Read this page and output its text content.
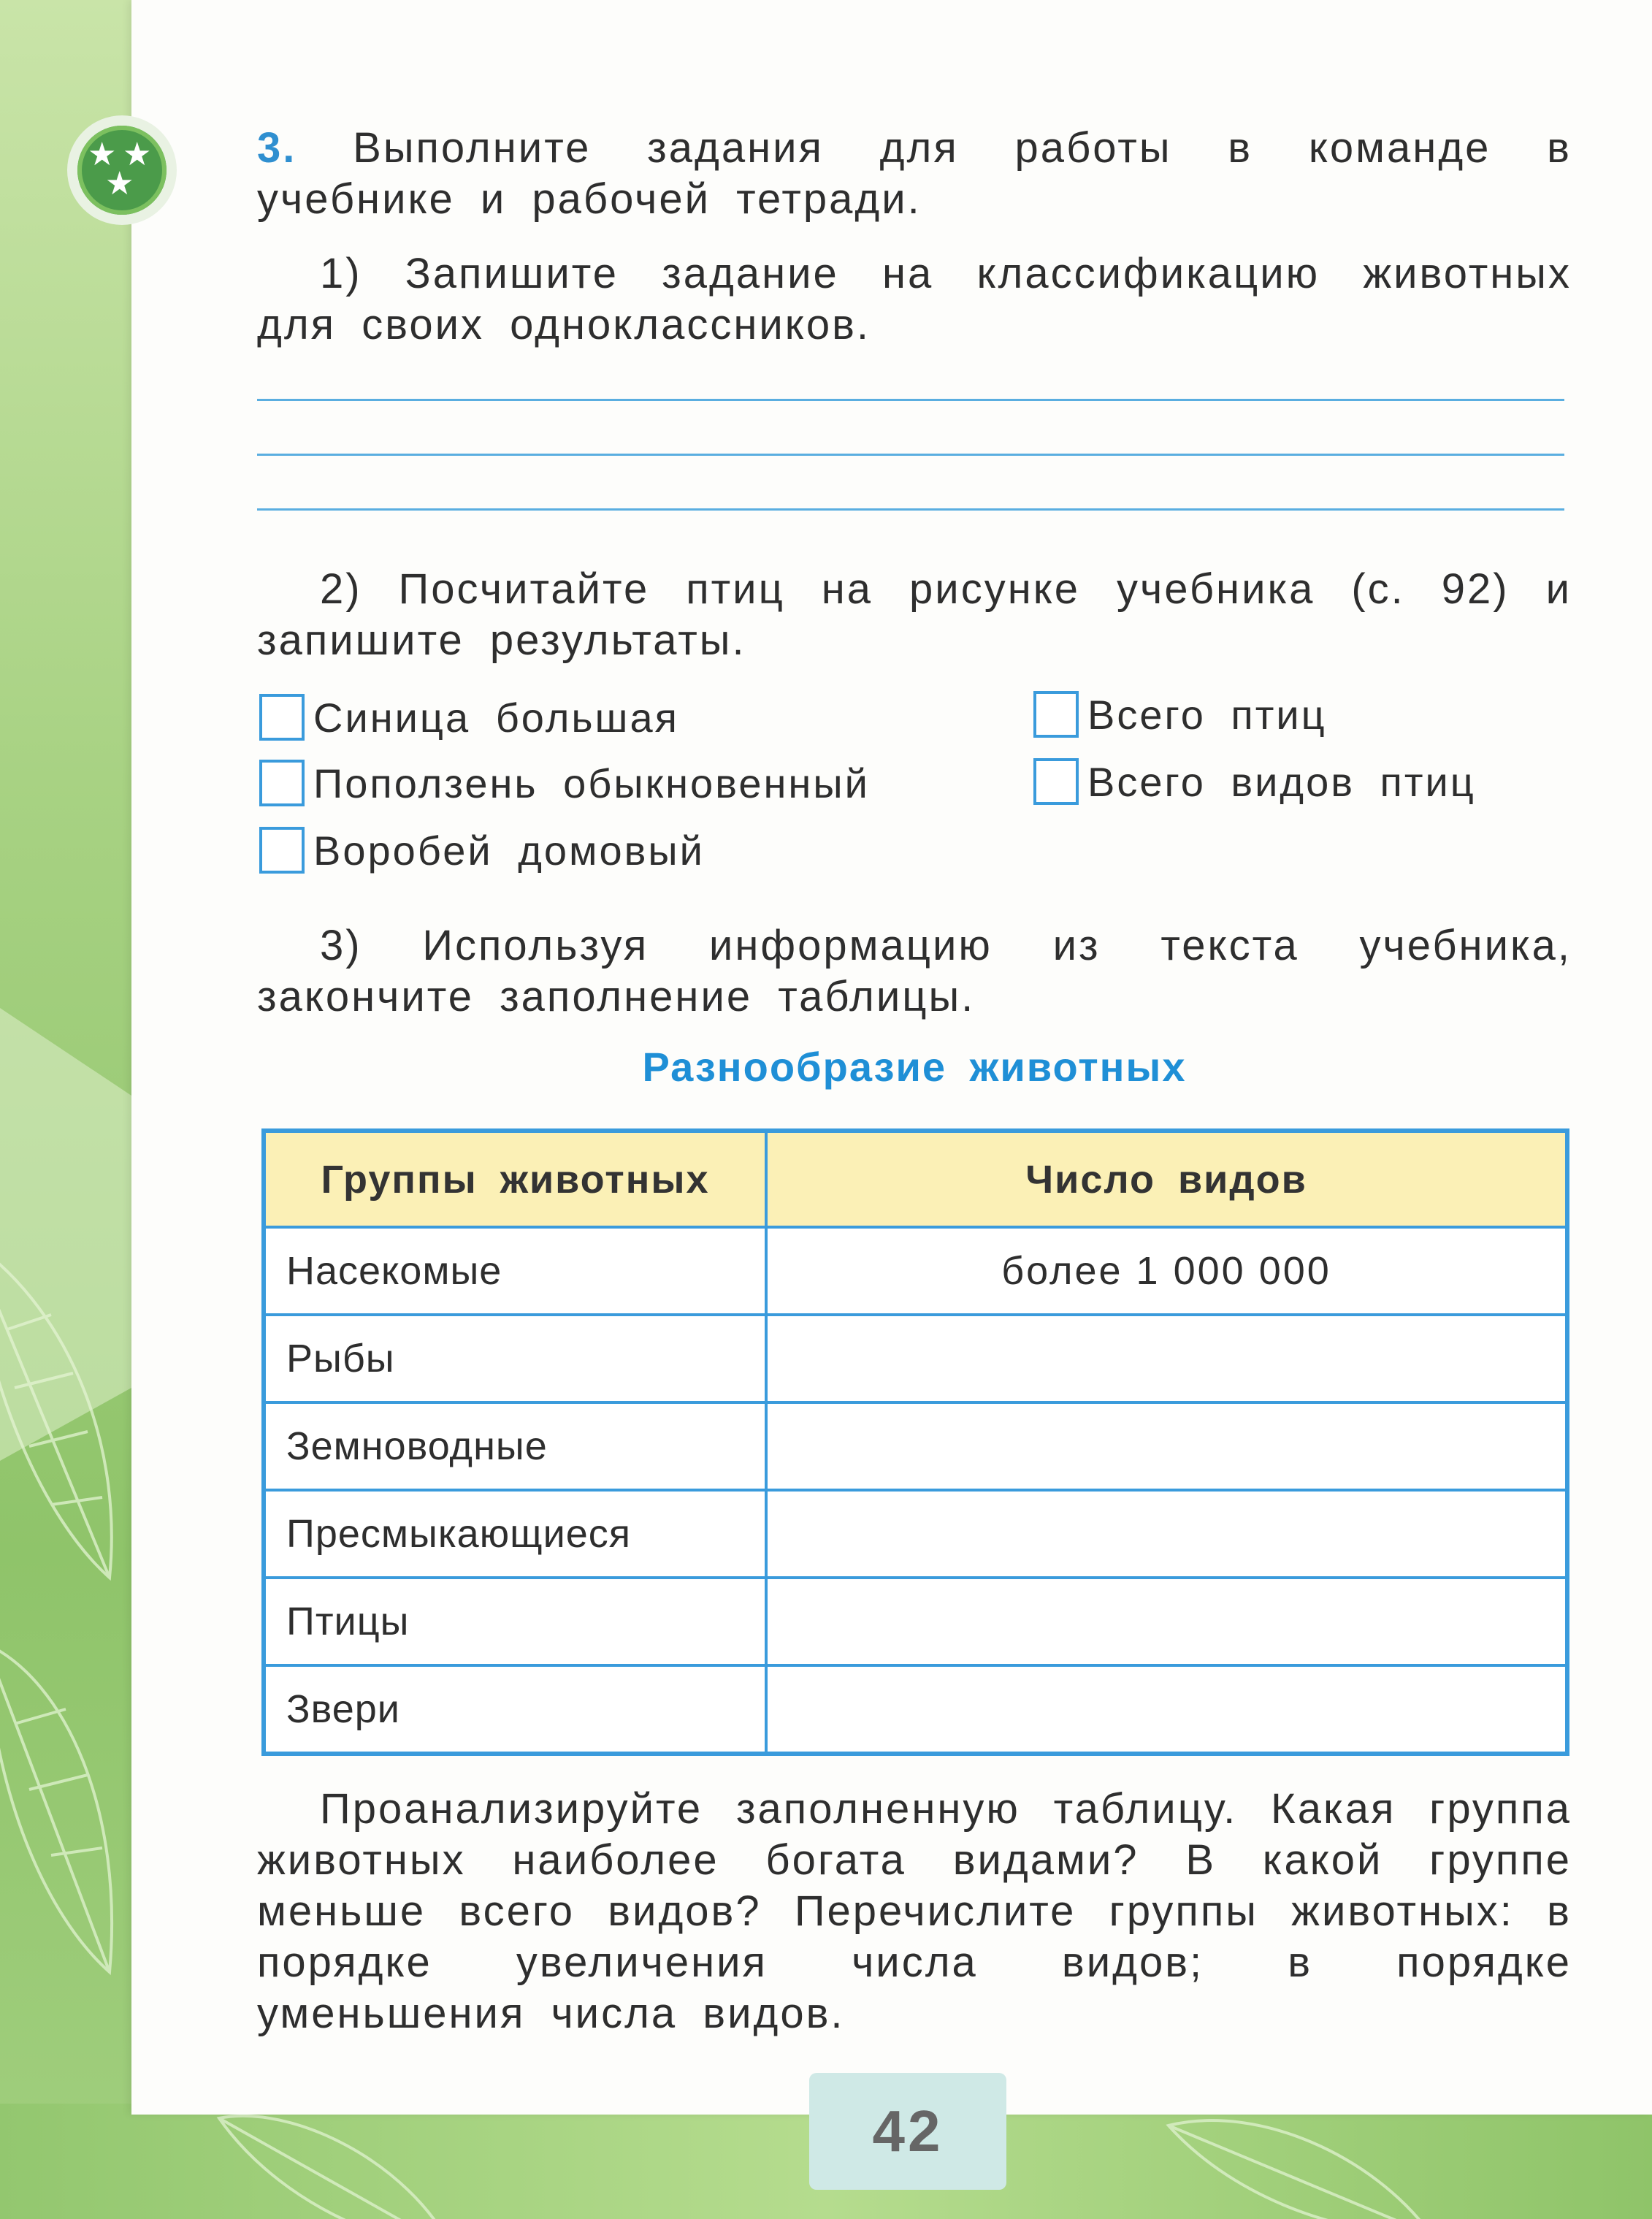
★ ★
★

3. Выполните задания для работы в команде в учебнике и рабочей тетради.

1) Запишите задание на классификацию животных для своих одноклассников.

2) Посчитайте птиц на рисунке учебника (с. 92) и запишите результаты.

Синица большая
Поползень обыкновенный
Воробей домовый
Всего птиц
Всего видов птиц

3) Используя информацию из текста учебника, закончите заполнение таблицы.

Разнообразие животных
Группы животных	Число видов
Насекомые	более 1 000 000
Рыбы	
Земноводные	
Пресмыкающиеся	
Птицы	
Звери	

Проанализируйте заполненную таблицу. Какая группа животных наиболее богата видами? В какой группе меньше всего видов? Перечислите группы животных: в порядке увеличения числа видов; в порядке уменьшения числа видов.

42
